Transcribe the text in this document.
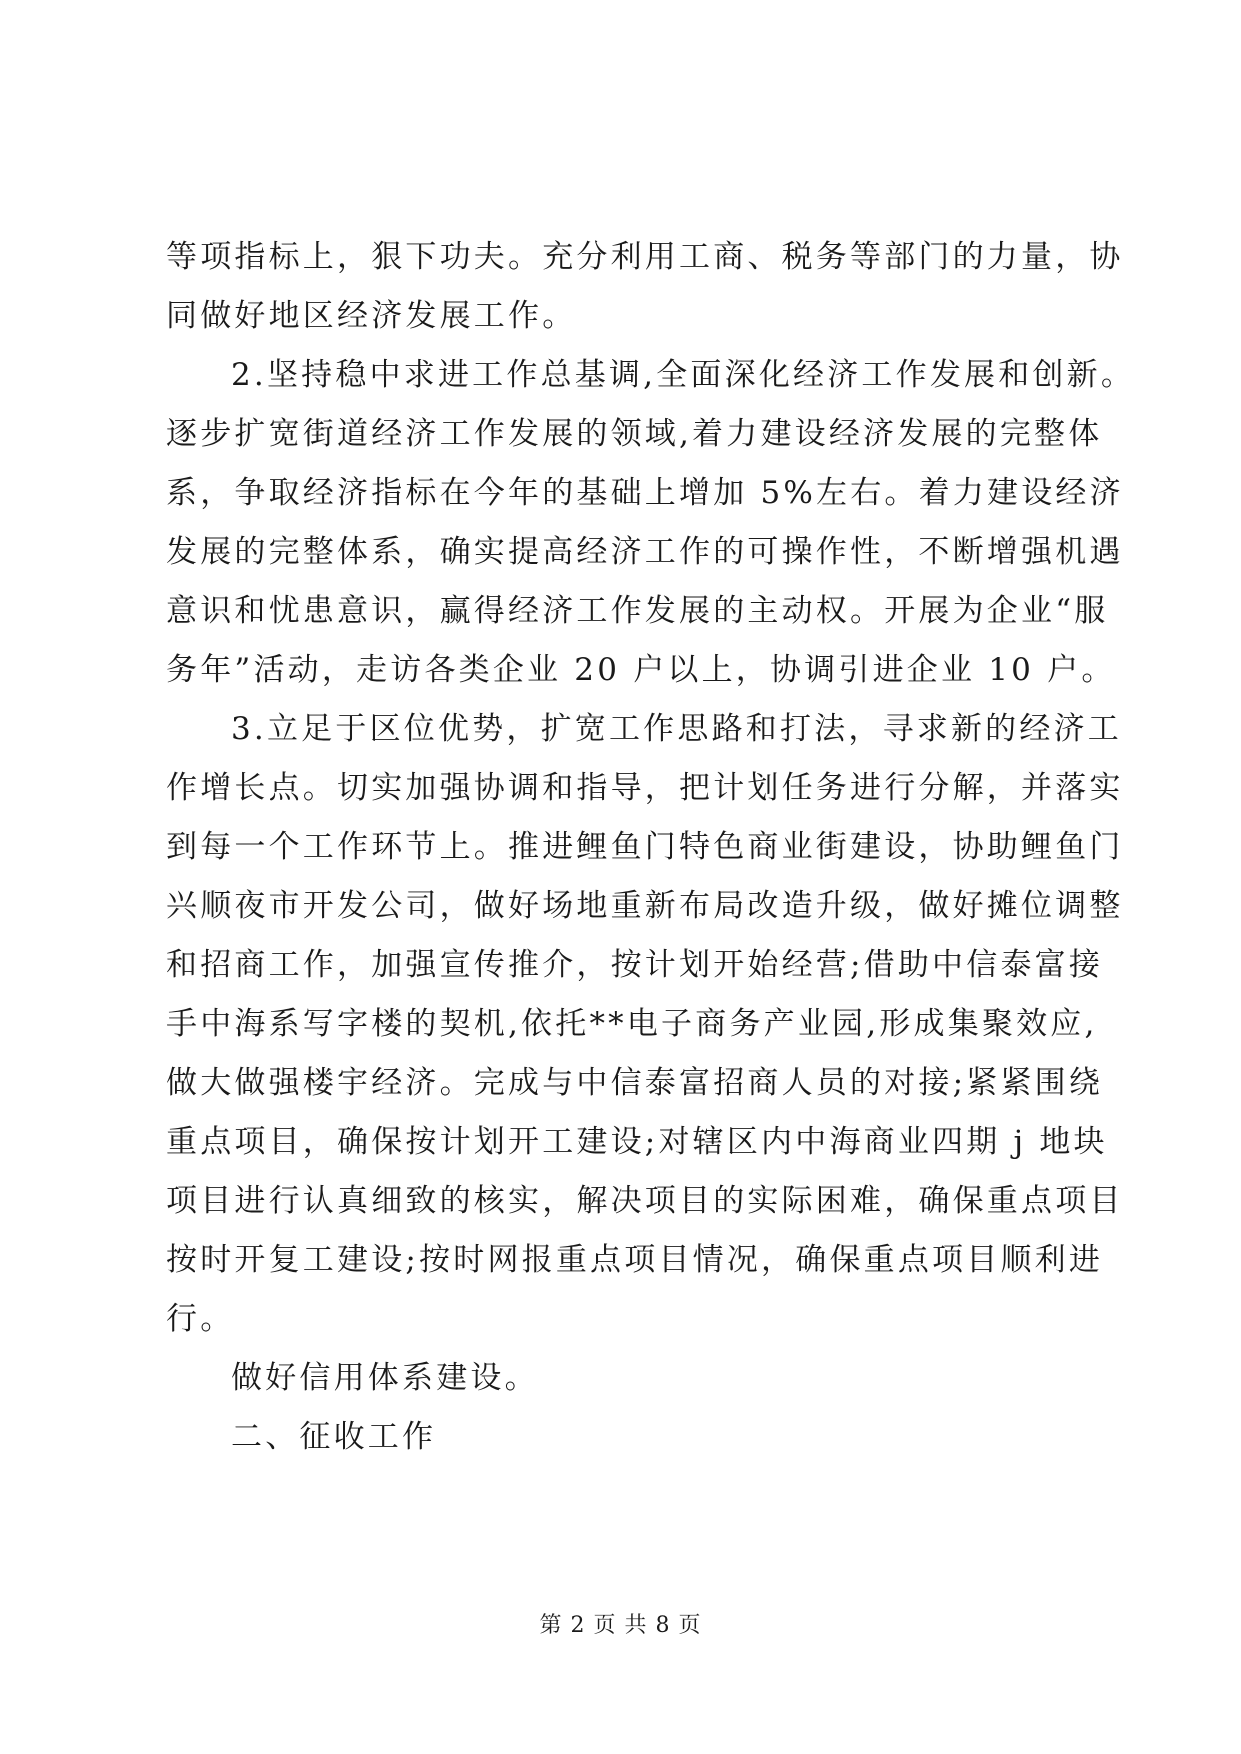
等项指标上，狠下功夫。充分利用工商、税务等部门的力量，协
同做好地区经济发展工作。
2.坚持稳中求进工作总基调,全面深化经济工作发展和创新。
逐步扩宽街道经济工作发展的领域,着力建设经济发展的完整体
系，争取经济指标在今年的基础上增加 5%左右。着力建设经济
发展的完整体系，确实提高经济工作的可操作性，不断增强机遇
意识和忧患意识，赢得经济工作发展的主动权。开展为企业“服
务年”活动，走访各类企业 20 户以上，协调引进企业 10 户。
3.立足于区位优势，扩宽工作思路和打法，寻求新的经济工
作增长点。切实加强协调和指导，把计划任务进行分解，并落实
到每一个工作环节上。推进鲤鱼门特色商业街建设，协助鲤鱼门
兴顺夜市开发公司，做好场地重新布局改造升级，做好摊位调整
和招商工作，加强宣传推介，按计划开始经营;借助中信泰富接
手中海系写字楼的契机,依托**电子商务产业园,形成集聚效应,
做大做强楼宇经济。完成与中信泰富招商人员的对接;紧紧围绕
重点项目，确保按计划开工建设;对辖区内中海商业四期 j 地块
项目进行认真细致的核实，解决项目的实际困难，确保重点项目
按时开复工建设;按时网报重点项目情况，确保重点项目顺利进
行。
做好信用体系建设。
二、征收工作
第 2 页 共 8 页
